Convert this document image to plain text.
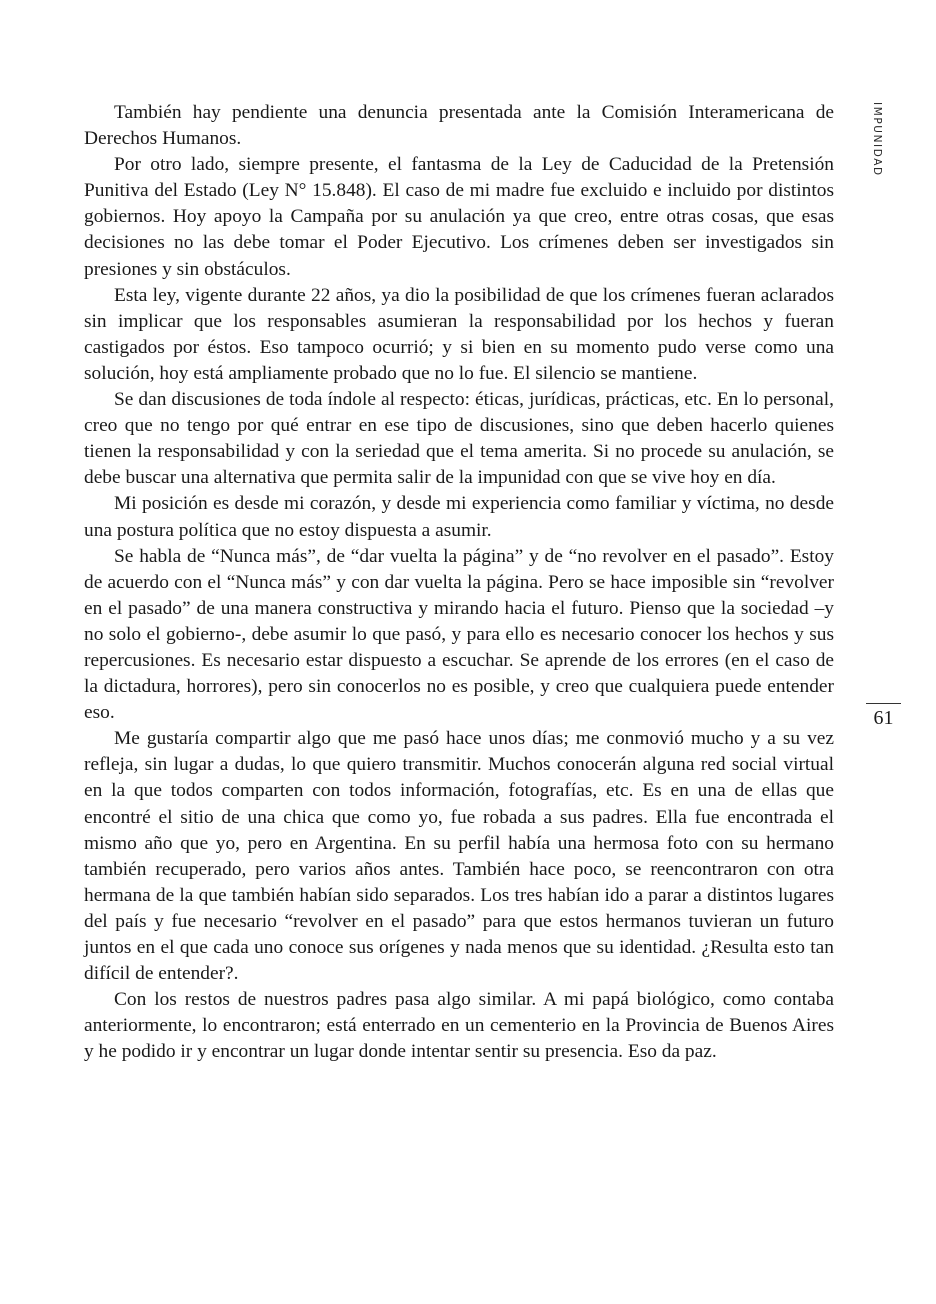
IMPUNIDAD

También hay pendiente una denuncia presentada ante la Comisión Interamericana de Derechos Humanos.

Por otro lado, siempre presente, el fantasma de la Ley de Caducidad de la Pretensión Punitiva del Estado (Ley N° 15.848). El caso de mi madre fue excluido e incluido por distintos gobiernos. Hoy apoyo la Campaña por su anulación ya que creo, entre otras cosas, que esas decisiones no las debe tomar el Poder Ejecutivo. Los crímenes deben ser investigados sin presiones y sin obstáculos.

Esta ley, vigente durante 22 años, ya dio la posibilidad de que los crímenes fueran aclarados sin implicar que los responsables asumieran la responsabilidad por los hechos y fueran castigados por éstos. Eso tampoco ocurrió; y si bien en su momento pudo verse como una solución, hoy está ampliamente probado que no lo fue. El silencio se mantiene.

Se dan discusiones de toda índole al respecto: éticas, jurídicas, prácticas, etc. En lo personal, creo que no tengo por qué entrar en ese tipo de discusiones, sino que deben hacerlo quienes tienen la responsabilidad y con la seriedad que el tema amerita. Si no procede su anulación, se debe buscar una alternativa que permita salir de la impunidad con que se vive hoy en día.

Mi posición es desde mi corazón, y desde mi experiencia como familiar y víctima, no desde una postura política que no estoy dispuesta a asumir.

Se habla de “Nunca más”, de “dar vuelta la página” y de “no revolver en el pasado”. Estoy de acuerdo con el “Nunca más” y con dar vuelta la página. Pero se hace imposible sin “revolver en el pasado” de una manera constructiva y mirando hacia el futuro. Pienso que la sociedad –y no solo el gobierno-, debe asumir lo que pasó, y para ello es necesario conocer los hechos y sus repercusiones. Es necesario estar dispuesto a escuchar. Se aprende de los errores (en el caso de la dictadura, horrores), pero sin conocerlos no es posible, y creo que cualquiera puede entender eso.

Me gustaría compartir algo que me pasó hace unos días; me conmovió mucho y a su vez refleja, sin lugar a dudas, lo que quiero transmitir. Muchos conocerán alguna red social virtual en la que todos comparten con todos información, fotografías, etc. Es en una de ellas que encontré el sitio de una chica que como yo, fue robada a sus padres. Ella fue encontrada el mismo año que yo, pero en Argentina. En su perfil había una hermosa foto con su hermano también recuperado, pero varios años antes. También hace poco, se reencontraron con otra hermana de la que también habían sido separados. Los tres habían ido a parar a distintos lugares del país y fue necesario “revolver en el pasado” para que estos hermanos tuvieran un futuro juntos en el que cada uno conoce sus orígenes y nada menos que su identidad. ¿Resulta esto tan difícil de entender?.

Con los restos de nuestros padres pasa algo similar. A mi papá biológico, como contaba anteriormente, lo encontraron; está enterrado en un cementerio en la Provincia de Buenos Aires y he podido ir y encontrar un lugar donde intentar sentir su presencia. Eso da paz.

61
